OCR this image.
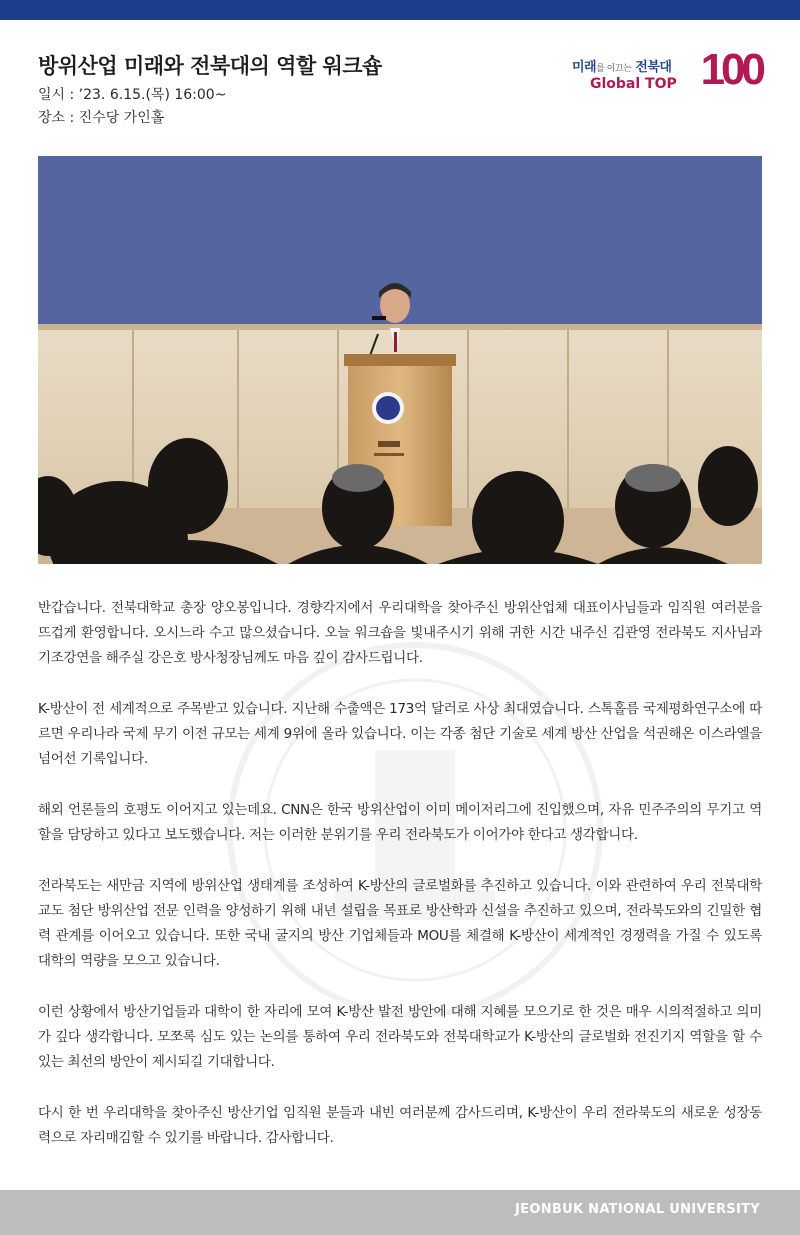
방위산업 미래와 전북대의 역할 워크숍
일시 : ’23. 6.15.(목) 16:00~
장소 : 진수당 가인홀
미래를 이끄는 전북대
Global TOP 100

반갑습니다. 전북대학교 총장 양오봉입니다. 경향각지에서 우리대학을 찾아주신 방위산업체 대표이사님들과 임직원 여러분을 뜨겁게 환영합니다. 오시느라 수고 많으셨습니다. 오늘 워크숍을 빛내주시기 위해 귀한 시간 내주신 김관영 전라북도 지사님과 기조강연을 해주실 강은호 방사청장님께도 마음 깊이 감사드립니다.

K-방산이 전 세계적으로 주목받고 있습니다. 지난해 수출액은 173억 달러로 사상 최대였습니다. 스톡홀름 국제평화연구소에 따르면 우리나라 국제 무기 이전 규모는 세계 9위에 올라 있습니다. 이는 각종 첨단 기술로 세계 방산 산업을 석권해온 이스라엘을 넘어선 기록입니다.

해외 언론들의 호평도 이어지고 있는데요. CNN은 한국 방위산업이 이미 메이저리그에 진입했으며, 자유 민주주의의 무기고 역할을 담당하고 있다고 보도했습니다. 저는 이러한 분위기를 우리 전라북도가 이어가야 한다고 생각합니다.

전라북도는 새만금 지역에 방위산업 생태계를 조성하여 K-방산의 글로벌화를 추진하고 있습니다. 이와 관련하여 우리 전북대학교도 첨단 방위산업 전문 인력을 양성하기 위해 내년 설립을 목표로 방산학과 신설을 추진하고 있으며, 전라북도와의 긴밀한 협력 관계를 이어오고 있습니다. 또한 국내 굴지의 방산 기업체들과 MOU를 체결해 K-방산이 세계적인 경쟁력을 가질 수 있도록 대학의 역량을 모으고 있습니다.

이런 상황에서 방산기업들과 대학이 한 자리에 모여 K-방산 발전 방안에 대해 지혜를 모으기로 한 것은 매우 시의적절하고 의미가 깊다 생각합니다. 모쪼록 심도 있는 논의를 통하여 우리 전라북도와 전북대학교가 K-방산의 글로벌화 전진기지 역할을 할 수 있는 최선의 방안이 제시되길 기대합니다.

다시 한 번 우리대학을 찾아주신 방산기업 임직원 분들과 내빈 여러분께 감사드리며, K-방산이 우리 전라북도의 새로운 성장동력으로 자리매김할 수 있기를 바랍니다. 감사합니다.

JEONBUK NATIONAL UNIVERSITY
